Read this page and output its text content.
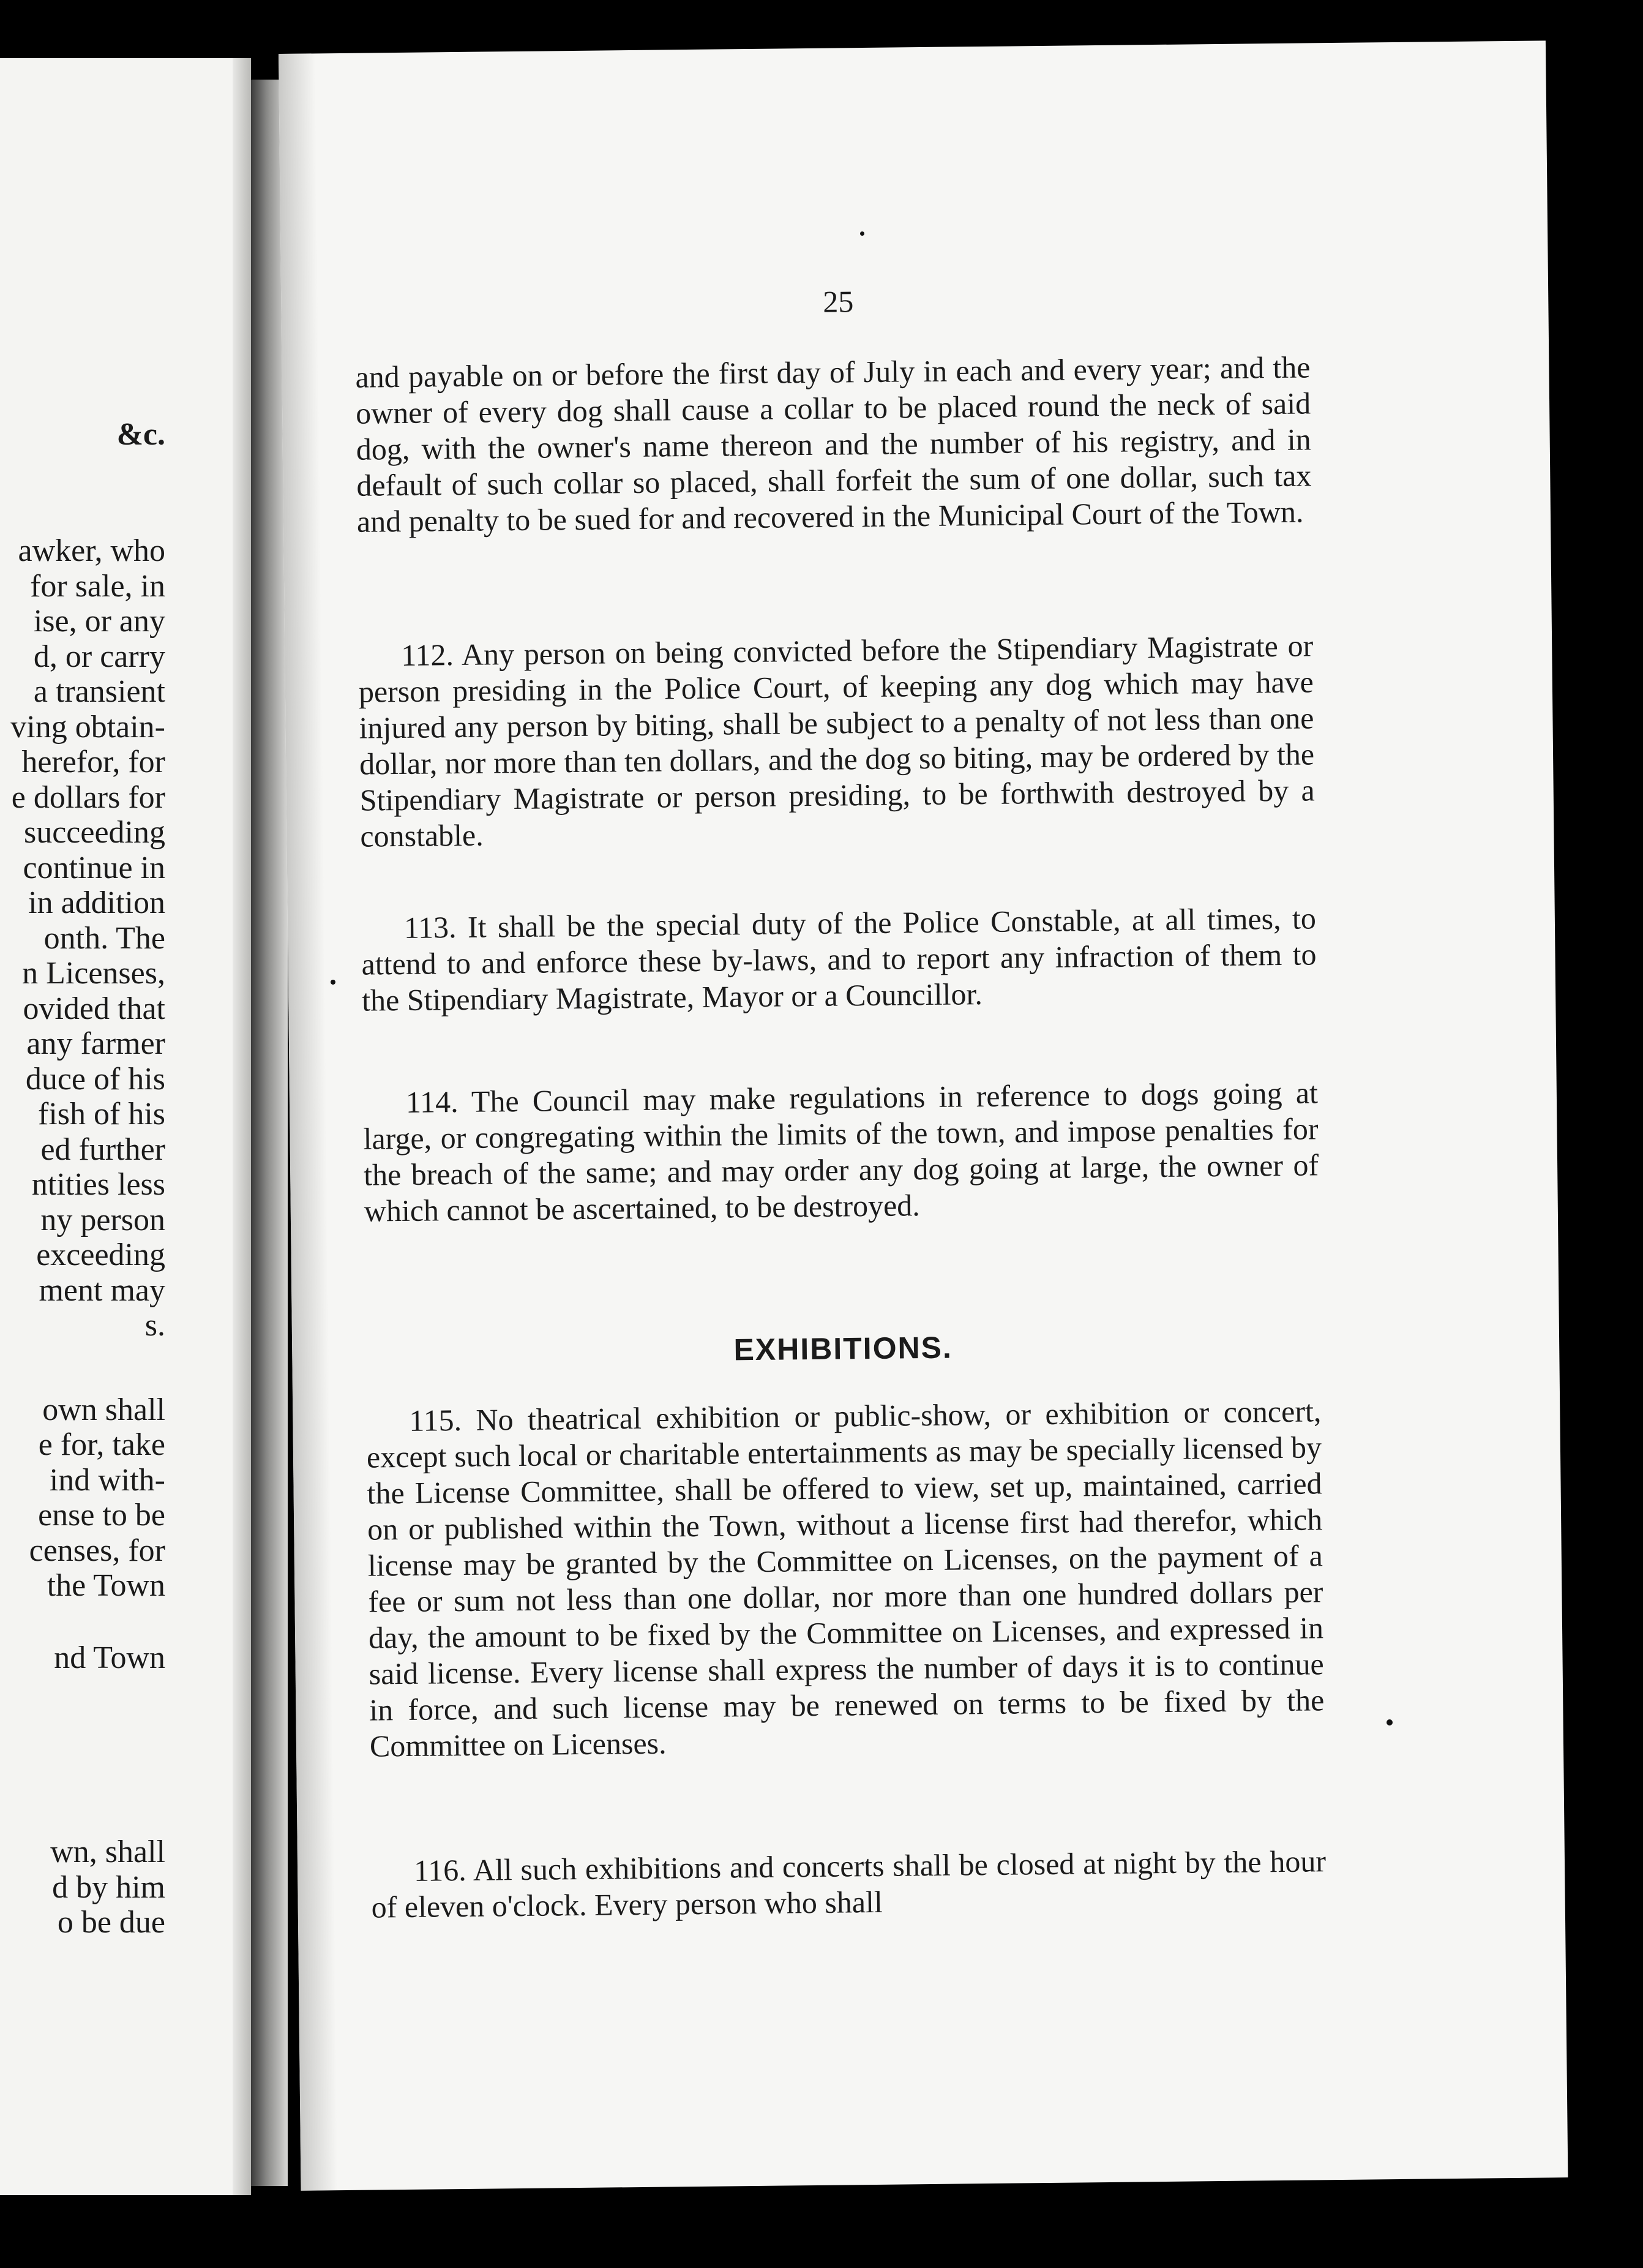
&c.
awker, who
for sale, in
ise, or any
d, or carry
a transient
ving obtain-
herefor, for
e dollars for
succeeding
continue in
in addition
onth. The
n Licenses,
ovided that
any farmer
duce of his
fish of his
ed further
ntities less
ny person
exceeding
ment may
s.
own shall
e for, take
ind with-
ense to be
censes, for
the Town
nd Town
wn, shall
d by him
o be due
25
and payable on or before the first day of July in each and every year; and the owner of every dog shall cause a collar to be placed round the neck of said dog, with the owner's name thereon and the number of his registry, and in default of such collar so placed, shall forfeit the sum of one dollar, such tax and penalty to be sued for and recovered in the Municipal Court of the Town.
112. Any person on being convicted before the Stipendiary Magistrate or person presiding in the Police Court, of keeping any dog which may have injured any person by biting, shall be subject to a penalty of not less than one dollar, nor more than ten dollars, and the dog so biting, may be ordered by the Stipendiary Magistrate or person presiding, to be forthwith destroyed by a constable.
113. It shall be the special duty of the Police Constable, at all times, to attend to and enforce these by-laws, and to report any infraction of them to the Stipendiary Magistrate, Mayor or a Councillor.
114. The Council may make regulations in reference to dogs going at large, or congregating within the limits of the town, and impose penalties for the breach of the same; and may order any dog going at large, the owner of which cannot be ascertained, to be destroyed.
EXHIBITIONS.
115. No theatrical exhibition or public-show, or exhibition or concert, except such local or charitable entertainments as may be specially licensed by the License Committee, shall be offered to view, set up, maintained, carried on or published within the Town, without a license first had therefor, which license may be granted by the Committee on Licenses, on the payment of a fee or sum not less than one dollar, nor more than one hundred dollars per day, the amount to be fixed by the Committee on Licenses, and expressed in said license. Every license shall express the number of days it is to continue in force, and such license may be renewed on terms to be fixed by the Committee on Licenses.
116. All such exhibitions and concerts shall be closed at night by the hour of eleven o'clock. Every person who shall
